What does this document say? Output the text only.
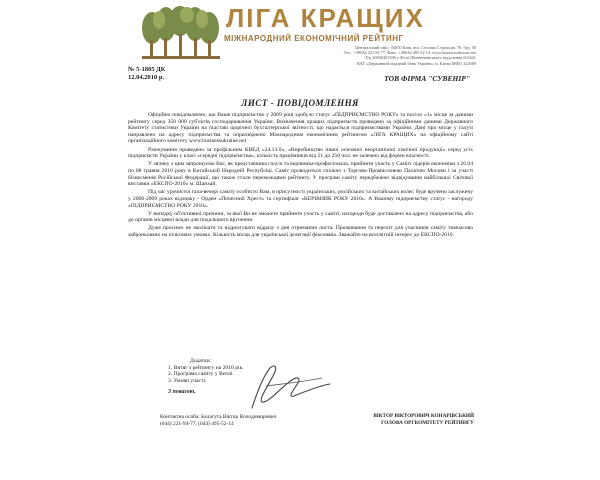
ЛІГА КРАЩИХ
МІЖНАРОДНИЙ ЕКОНОМІЧНИЙ РЕЙТИНГ
Центральний офіс: 04050 Київ, вул. Січових Стрільців, 76, буд. 58
Тел.: +38044 221 84 77, Факс: +38044 495 52 14, www.businessukraine.net
Р/р 26006301586 у Філії Шевченківського відділення №5441
ВАТ «Державний ощадний банк України» м. Києва МФО 322669
№ 5-1805 ДК
12.04.2010 р.	ТОВ ФІРМА "СУВЕНІР"
ЛИСТ - ПОВІДОМЛЕННЯ

Офіційно повідомляємо, що Ваше підприємство у 2009 році здобуло статус «ПІДПРИЄМСТВО РОКУ» та посіло «1» місце за даними рейтингу серед 350 000 суб'єктів господарювання України. Визначення кращих підприємств проведено за офіційними даними Державного Комітету статистики України на підставі щорічної бухгалтерської звітності, що надається підприємствами України. Дані про місце у галузі направлено на адресу підприємства та оприлюднено Міжнародним економічним рейтингом «ЛІГА КРАЩИХ» на офіційному сайті організаційного комітету www.businessukraine.net

Ранжування проведено за профільним КВЕД «24.13.0», «Виробництво іншої основної неорганічної хімічної продукції» серед усіх підприємств України у класі «середні підприємства», кількість працівників від 51 до 250 чол. не залежно від форми власності.

У зв'язку з цим запрошуємо Вас, як представника галузі та керівника-професіонала, прийняти участь у Саміті лідерів економіки з 26.04 по 08 травня 2010 року в Китайській Народній Республіці. Саміт проводиться спільно з Торгово-Промисловою Палатою Москви і за участі бізнесменів Російської Федерації, що також стали переможцями рейтингу. У програмі саміту передбачено відвідування найбільшої Світової виставки «ЕКСПО-2010» м. Шанхай.

Під час урочистої гала-вечері саміту особисто Вам, в присутності українських, російських та китайських колег, буде вручено заслужену у 2008-2009 роках відзнаку - Орден «Почесний Хрест» та сертифікат «КЕРІВНИК РОКУ 2010». А Вашому підприємству статус - нагороду «ПІДПРИЄМСТВО РОКУ 2010».

У випадку об'єктивної причини, за якої Ви не зможете прийняти участь у саміті, нагороди буде доставлено на адресу підприємства, або до органів місцевої влади для подальшого вручення.

Дуже просимо не зволікати та відреагувати відразу з дня отримання листа. Проживання та переліт для учасників саміту тимчасово заброньовано на пільгових умовах. Кількість місць для української делегації фіксована. Зважайте на всесвітній інтерес до ЕКСПО-2010.

Додатки:
1. Витяг з рейтингу на 2010 рік.
2. Програма саміту у Китаї.
3. Умови участі.
З повагою,
ВІКТОР ВІКТОРОВИЧ КОНАРІВСЬКИЙ
ГОЛОВА ОРГКОМІТЕТУ РЕЙТИНГУ
Контактна особа: Балагута Віктор Володимирович
(044) 221-94-77, (044) 495-52-14
